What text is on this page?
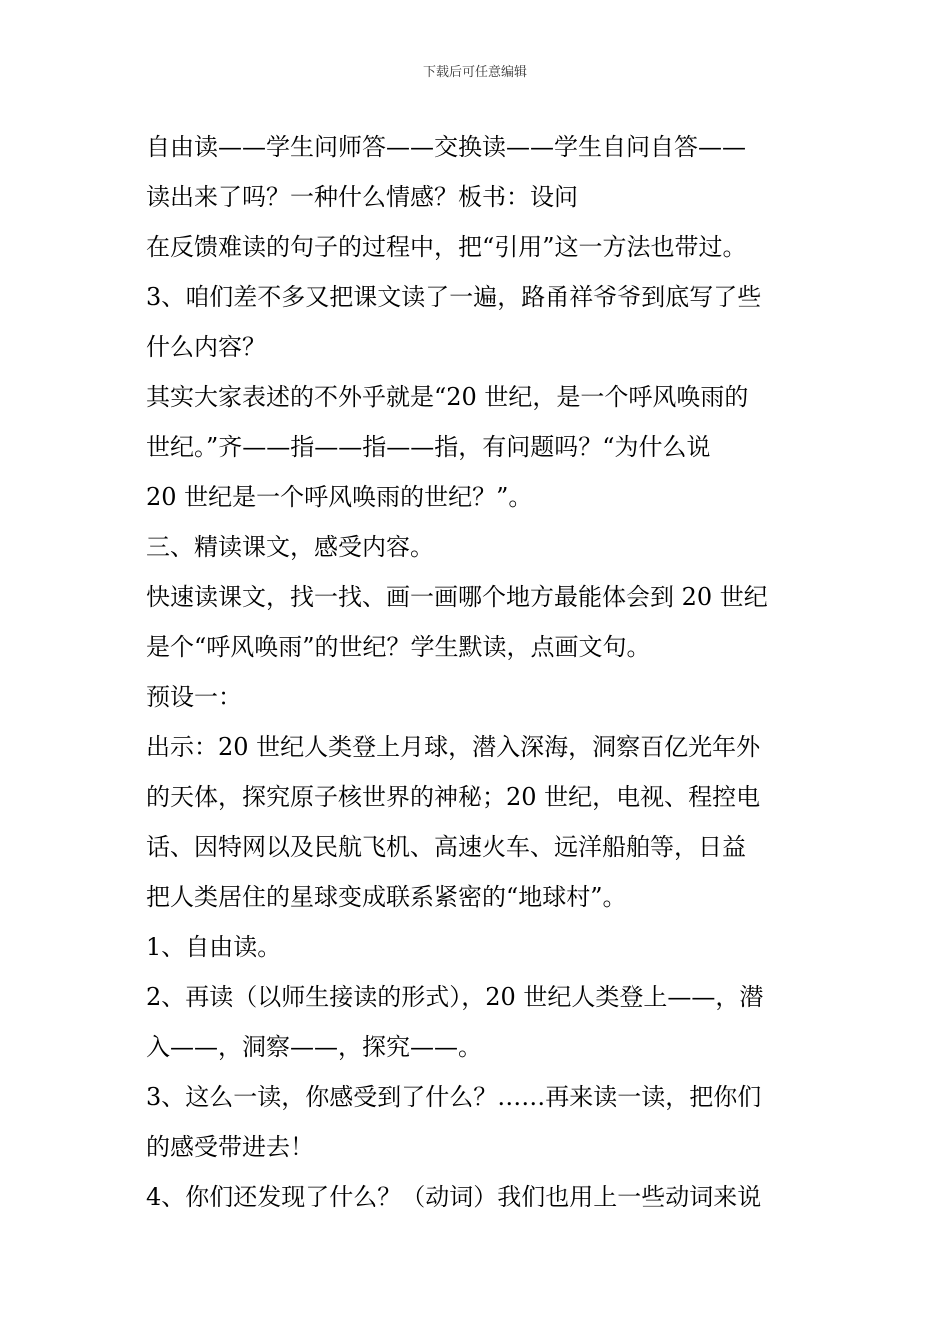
下载后可任意编辑
自由读——学生问师答——交换读——学生自问自答——
读出来了吗？一种什么情感？板书：设问
在反馈难读的句子的过程中，把“引用”这一方法也带过。
3、咱们差不多又把课文读了一遍，路甬祥爷爷到底写了些
什么内容？
其实大家表述的不外乎就是“20 世纪，是一个呼风唤雨的
世纪。”齐——指——指——指，有问题吗？“为什么说
20 世纪是一个呼风唤雨的世纪？”。
三、精读课文，感受内容。
快速读课文，找一找、画一画哪个地方最能体会到 20 世纪
是个“呼风唤雨”的世纪？学生默读，点画文句。
预设一：
出示：20 世纪人类登上月球，潜入深海，洞察百亿光年外
的天体，探究原子核世界的神秘；20 世纪，电视、程控电
话、因特网以及民航飞机、高速火车、远洋船舶等，日益
把人类居住的星球变成联系紧密的“地球村”。
1、自由读。
2、再读（以师生接读的形式），20 世纪人类登上——，潜
入——，洞察——，探究——。
3、这么一读，你感受到了什么？……再来读一读，把你们
的感受带进去！
4、你们还发现了什么？（动词）我们也用上一些动词来说
